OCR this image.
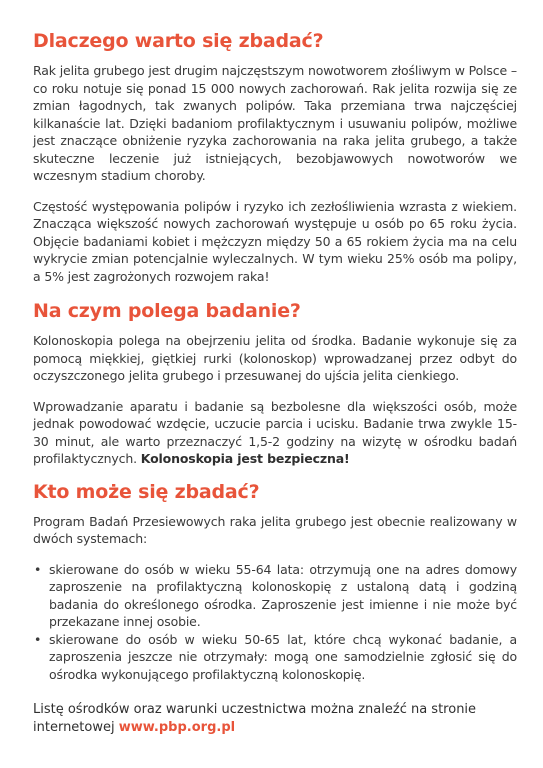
Dlaczego warto się zbadać?

Rak jelita grubego jest drugim najczęstszym nowotworem złośliwym w Polsce – co roku notuje się ponad 15 000 nowych zachorowań. Rak jelita rozwija się ze zmian łagodnych, tak zwanych polipów. Taka przemiana trwa najczęściej kilkanaście lat. Dzięki badaniom profilaktycznym i usuwaniu polipów, możliwe jest znaczące obniżenie ryzyka zachorowania na raka jelita grubego, a także skuteczne leczenie już istniejących, bezobjawowych nowotworów we wczesnym stadium choroby.

Częstość występowania polipów i ryzyko ich zezłośliwienia wzrasta z wiekiem. Znacząca większość nowych zachorowań występuje u osób po 65 roku życia. Objęcie badaniami kobiet i mężczyzn między 50 a 65 rokiem życia ma na celu wykrycie zmian potencjalnie wyleczalnych. W tym wieku 25% osób ma polipy, a 5% jest zagrożonych rozwojem raka!

Na czym polega badanie?

Kolonoskopia polega na obejrzeniu jelita od środka. Badanie wykonuje się za pomocą miękkiej, giętkiej rurki (kolonoskop) wprowadzanej przez odbyt do oczyszczonego jelita grubego i przesuwanej do ujścia jelita cienkiego.

Wprowadzanie aparatu i badanie są bezbolesne dla większości osób, może jednak powodować wzdęcie, uczucie parcia i ucisku. Badanie trwa zwykle 15-30 minut, ale warto przeznaczyć 1,5-2 godziny na wizytę w ośrodku badań profilaktycznych. Kolonoskopia jest bezpieczna!

Kto może się zbadać?

Program Badań Przesiewowych raka jelita grubego jest obecnie realizowany w dwóch systemach:

• skierowane do osób w wieku 55-64 lata: otrzymują one na adres domowy zaproszenie na profilaktyczną kolonoskopię z ustaloną datą i godziną badania do określonego ośrodka. Zaproszenie jest imienne i nie może być przekazane innej osobie.
• skierowane do osób w wieku 50-65 lat, które chcą wykonać badanie, a zaproszenia jeszcze nie otrzymały: mogą one samodzielnie zgłosić się do ośrodka wykonującego profilaktyczną kolonoskopię.
Listę ośrodków oraz warunki uczestnictwa można znaleźć na stronie internetowej www.pbp.org.pl
